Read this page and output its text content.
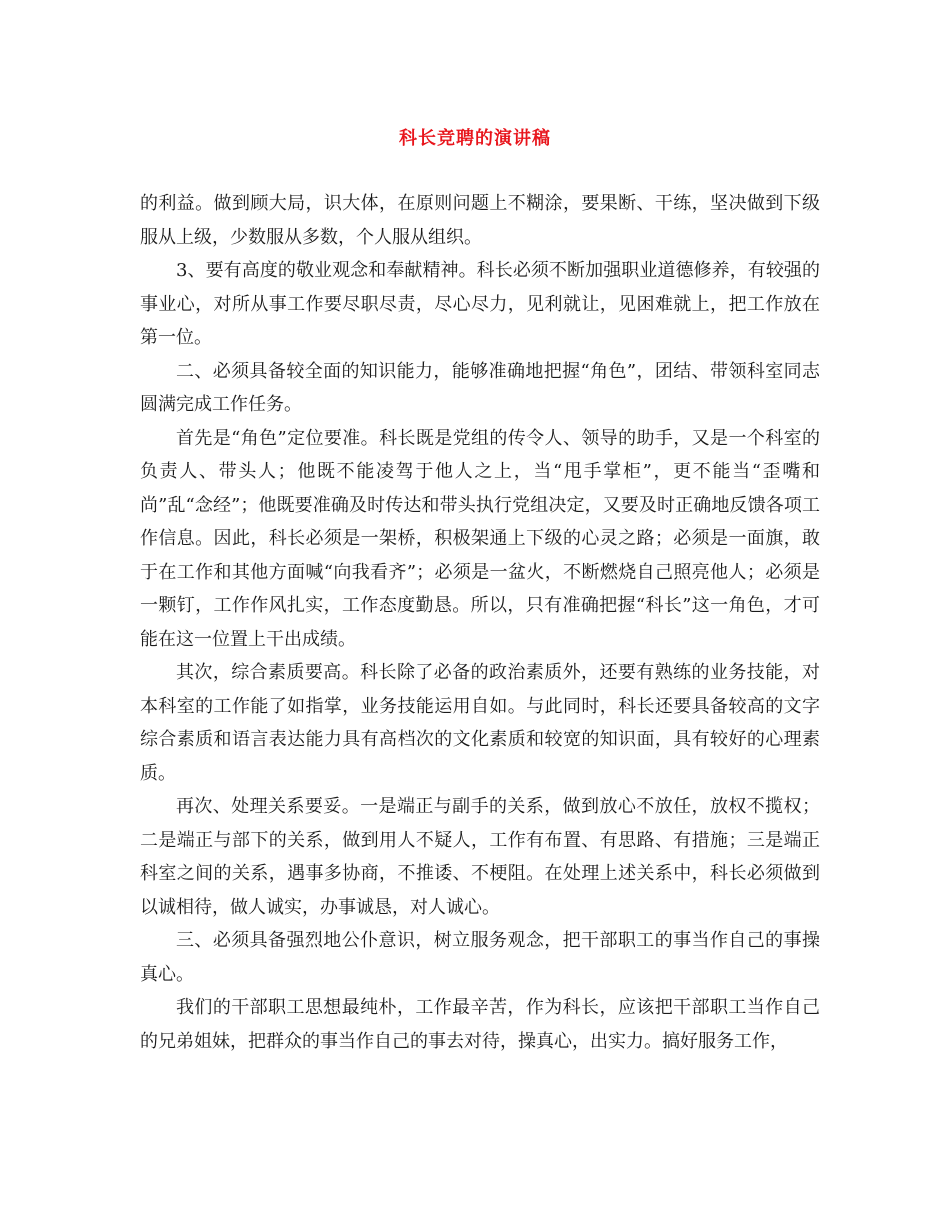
科长竞聘的演讲稿

的利益。做到顾大局，识大体，在原则问题上不糊涂，要果断、干练，坚决做到下级服从上级，少数服从多数，个人服从组织。

3、要有高度的敬业观念和奉献精神。科长必须不断加强职业道德修养，有较强的事业心，对所从事工作要尽职尽责，尽心尽力，见利就让，见困难就上，把工作放在第一位。

二、必须具备较全面的知识能力，能够准确地把握“角色”，团结、带领科室同志圆满完成工作任务。

首先是“角色”定位要准。科长既是党组的传令人、领导的助手，又是一个科室的负责人、带头人；他既不能凌驾于他人之上，当“甩手掌柜”，更不能当“歪嘴和尚”乱“念经”；他既要准确及时传达和带头执行党组决定，又要及时正确地反馈各项工作信息。因此，科长必须是一架桥，积极架通上下级的心灵之路；必须是一面旗，敢于在工作和其他方面喊“向我看齐”；必须是一盆火，不断燃烧自己照亮他人；必须是一颗钉，工作作风扎实，工作态度勤恳。所以，只有准确把握“科长”这一角色，才可能在这一位置上干出成绩。

其次，综合素质要高。科长除了必备的政治素质外，还要有熟练的业务技能，对本科室的工作能了如指掌，业务技能运用自如。与此同时，科长还要具备较高的文字综合素质和语言表达能力具有高档次的文化素质和较宽的知识面，具有较好的心理素质。

再次、处理关系要妥。一是端正与副手的关系，做到放心不放任，放权不揽权；二是端正与部下的关系，做到用人不疑人，工作有布置、有思路、有措施；三是端正科室之间的关系，遇事多协商，不推诿、不梗阻。在处理上述关系中，科长必须做到以诚相待，做人诚实，办事诚恳，对人诚心。

三、必须具备强烈地公仆意识，树立服务观念，把干部职工的事当作自己的事操真心。

我们的干部职工思想最纯朴，工作最辛苦，作为科长，应该把干部职工当作自己的兄弟姐妹，把群众的事当作自己的事去对待，操真心，出实力。搞好服务工作，
